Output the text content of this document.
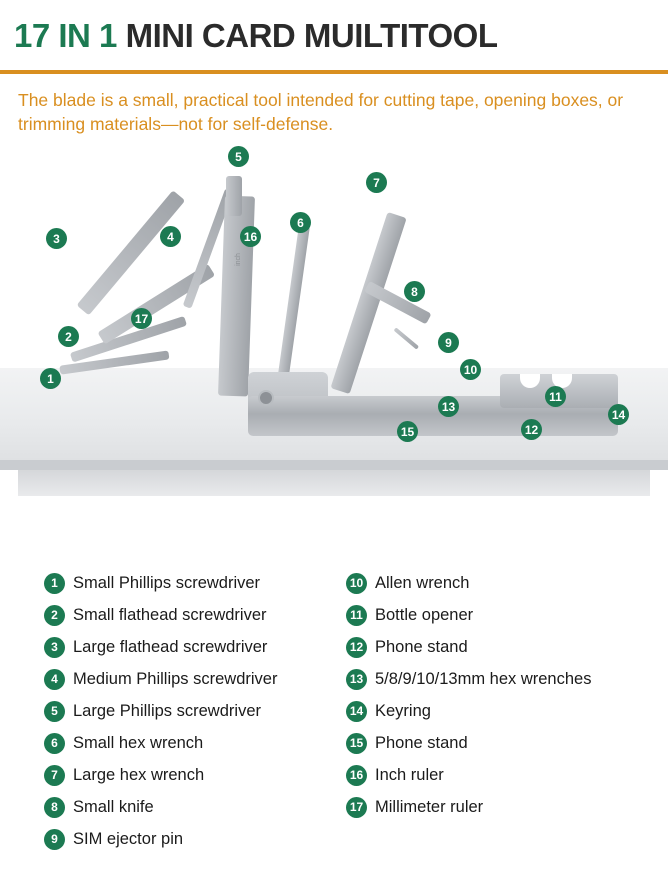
17 IN 1 MINI CARD MUILTITOOL
The blade is a small, practical tool intended for cutting tape, opening boxes, or trimming materials—not for self-defense.
inch
1
2
3	4
5
6
7
8
9
10
11
12
13
14
15
16
17
1 Small Phillips screwdriver
2 Small flathead screwdriver
3 Large flathead screwdriver
4 Medium Phillips screwdriver
5 Large Phillips screwdriver
6 Small hex wrench
7 Large hex wrench
8 Small knife
9 SIM ejector pin
10 Allen wrench
11 Bottle opener
12 Phone stand
13 5/8/9/10/13mm hex wrenches
14 Keyring
15 Phone stand
16 Inch ruler
17 Millimeter ruler
